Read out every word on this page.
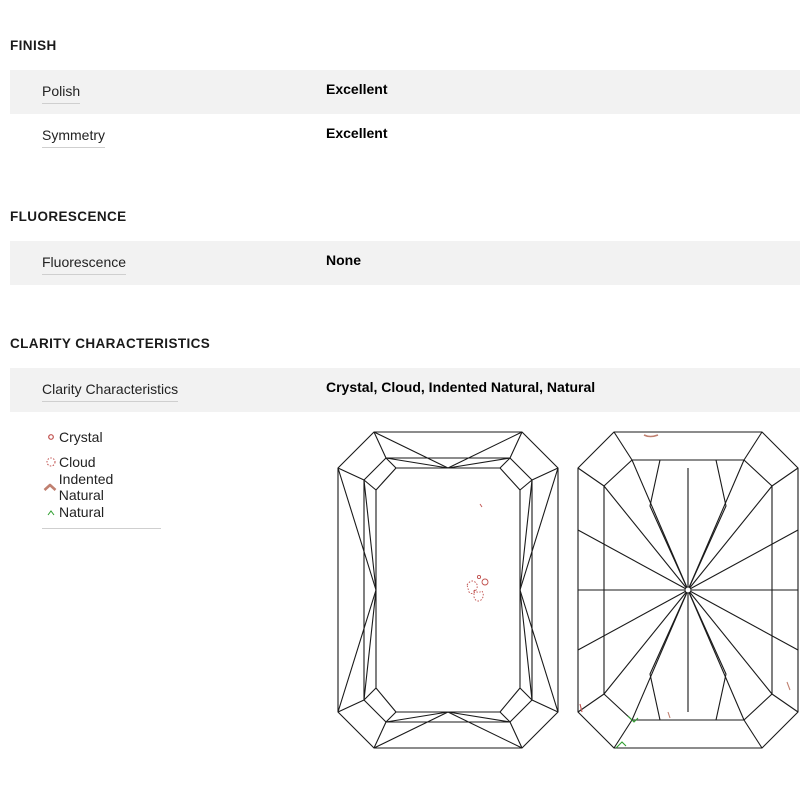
FINISH
Polish	Excellent
Symmetry	Excellent
FLUORESCENCE
Fluorescence	None
CLARITY CHARACTERISTICS
Clarity Characteristics	Crystal, Cloud, Indented Natural, Natural
Crystal
Cloud
Indented Natural
Natural
